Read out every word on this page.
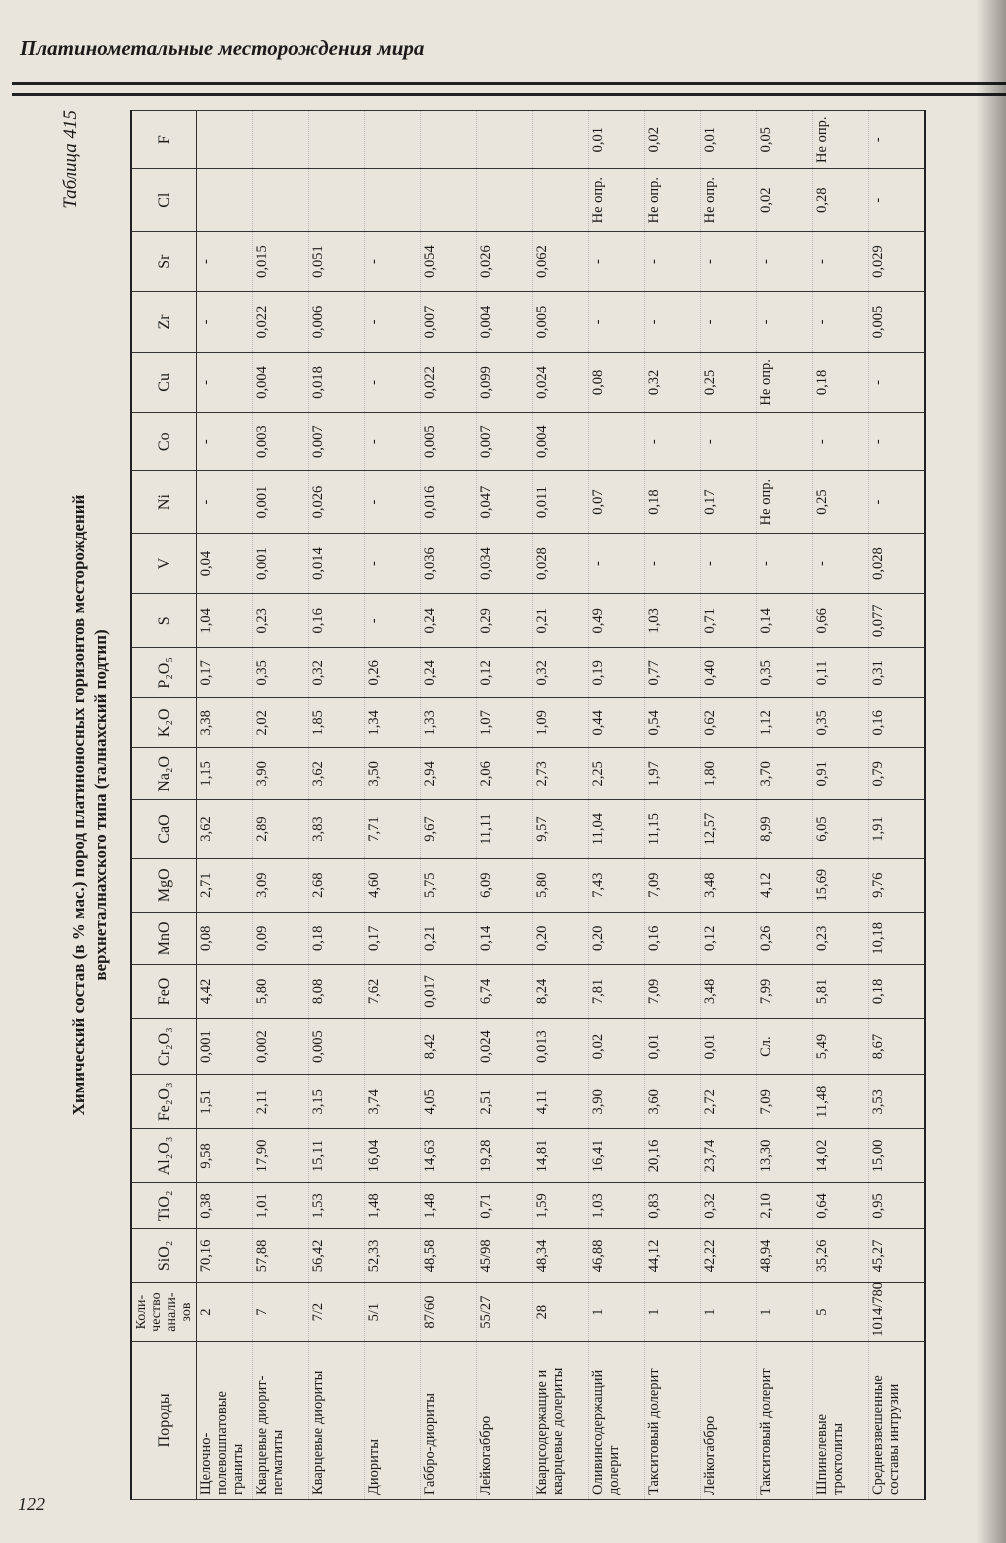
Платинометальные месторождения мира
Таблица 415
Химический состав (в % мас.) пород платиноносных горизонтов месторождений верхнеталнахского типа (талнахский подтип)
Породы	Коли-чество анали-зов	SiO₂	TiO₂	Al₂O₃	Fe₂O₃	Cr₂O₃	FeO	MnO	MgO	CaO	Na₂O	K₂O	P₂O₅	S	V	Ni	Co	Cu	Zr	Sr	Cl	F
Щелочно-полевошпатовые граниты	2	70,16	0,38	9,58	1,51	0,001	4,42	0,08	2,71	3,62	1,15	3,38	0,17	1,04	0,04	-	-	-	-	-		
Кварцевые диорит-пегматиты	7	57,88	1,01	17,90	2,11	0,002	5,80	0,09	3,09	2,89	3,90	2,02	0,35	0,23	0,001	0,001	0,003	0,004	0,022	0,015		
Кварцевые диориты	7/2	56,42	1,53	15,11	3,15	0,005	8,08	0,18	2,68	3,83	3,62	1,85	0,32	0,16	0,014	0,026	0,007	0,018	0,006	0,051		
Диориты	5/1	52,33	1,48	16,04	3,74		7,62	0,17	4,60	7,71	3,50	1,34	0,26	-	-	-	-	-	-	-		
Габбро-диориты	87/60	48,58	1,48	14,63	4,05	8,42	0,017	0,21	5,75	9,67	2,94	1,33	0,24	0,24	0,036	0,016	0,005	0,022	0,007	0,054		
Лейкогаббро	55/27	45/98	0,71	19,28	2,51	0,024	6,74	0,14	6,09	11,11	2,06	1,07	0,12	0,29	0,034	0,047	0,007	0,099	0,004	0,026		
Кварцсодержащие и кварцевые долериты	28	48,34	1,59	14,81	4,11	0,013	8,24	0,20	5,80	9,57	2,73	1,09	0,32	0,21	0,028	0,011	0,004	0,024	0,005	0,062		
Оливинсодержащий долерит	1	46,88	1,03	16,41	3,90	0,02	7,81	0,20	7,43	11,04	2,25	0,44	0,19	0,49	-	0,07		0,08	-	-	Не опр.	0,01
Такситовый долерит	1	44,12	0,83	20,16	3,60	0,01	7,09	0,16	7,09	11,15	1,97	0,54	0,77	1,03	-	0,18	-	0,32	-	-	Не опр.	0,02
Лейкогаббро	1	42,22	0,32	23,74	2,72	0,01	3,48	0,12	3,48	12,57	1,80	0,62	0,40	0,71	-	0,17	-	0,25	-	-	Не опр.	0,01
Такситовый долерит	1	48,94	2,10	13,30	7,09	Сл.	7,99	0,26	4,12	8,99	3,70	1,12	0,35	0,14	-	Не опр.		Не опр.	-	-	0,02	0,05
Шпинелевые троктолиты	5	35,26	0,64	14,02	11,48	5,49	5,81	0,23	15,69	6,05	0,91	0,35	0,11	0,66	-	0,25	-	0,18	-	-	0,28	Не опр.
Средневзвешенные составы интрузии	1014/780	45,27	0,95	15,00	3,53	8,67	0,18	10,18	9,76	1,91	0,79	0,16	0,31	0,077	0,028	-	-	-	0,005	0,029	-	-
122
